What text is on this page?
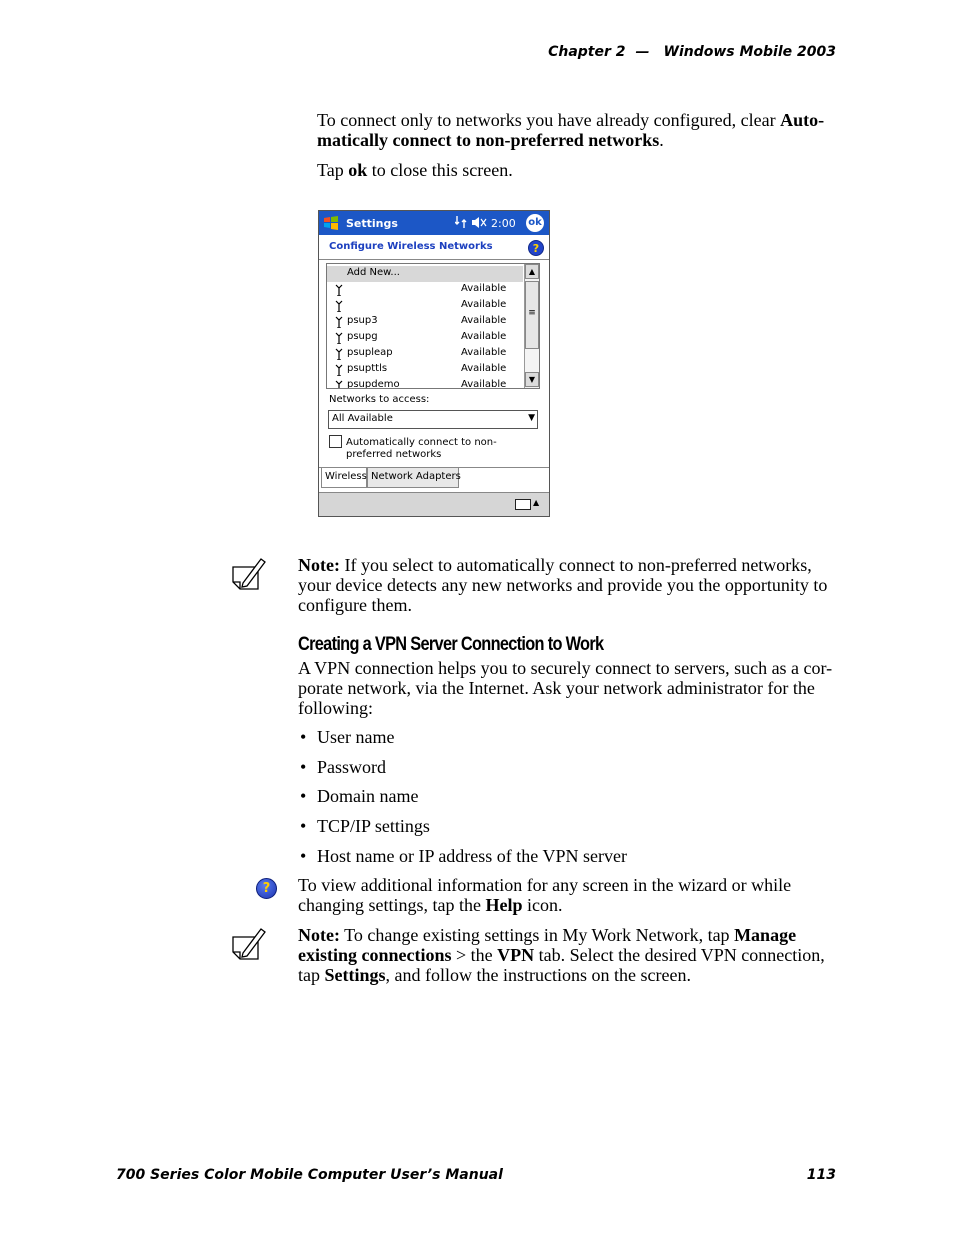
Chapter 2 — Windows Mobile 2003
To connect only to networks you have already configured, clear Auto-matically connect to non-preferred networks.
Tap ok to close this screen.
Settings	2:00 ok
Configure Wireless Networks	?
Add New...
Available
Available
psup3	Available
psupg	Available
psupleap	Available
psupttls	Available
psupdemo	Available
▲
≡
▼
Networks to access:
All Available	▼
Automatically connect to non-preferred networks
Wireless Network Adapters
▲
Note: If you select to automatically connect to non-preferred networks, your device detects any new networks and provide you the opportunity to configure them.
Creating a VPN Server Connection to Work
A VPN connection helps you to securely connect to servers, such as a cor-porate network, via the Internet. Ask your network administrator for the following:
• User name
• Password
• Domain name
• TCP/IP settings
• Host name or IP address of the VPN server
?	To view additional information for any screen in the wizard or while changing settings, tap the Help icon.
Note: To change existing settings in My Work Network, tap Manage existing connections > the VPN tab. Select the desired VPN connection, tap Settings, and follow the instructions on the screen.
700 Series Color Mobile Computer User’s Manual	113
